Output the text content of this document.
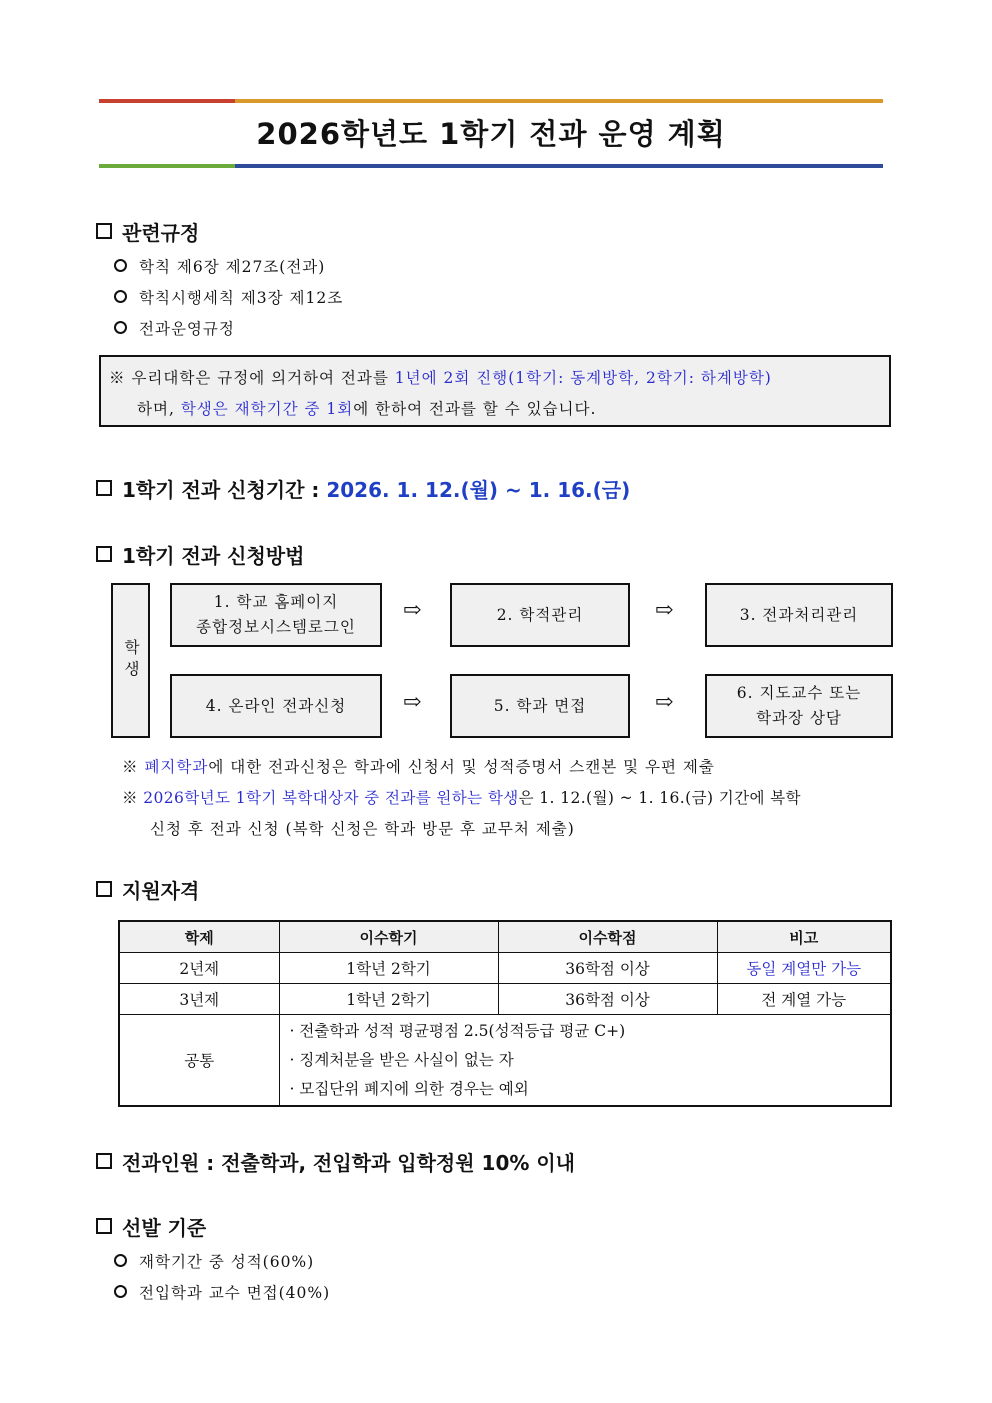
2026학년도 1학기 전과 운영 계획
관련규정
학칙 제6장 제27조(전과)
학칙시행세칙 제3장 제12조
전과운영규정
※ 우리대학은 규정에 의거하여 전과를 1년에 2회 진행(1학기: 동계방학, 2학기: 하계방학)
하며, 학생은 재학기간 중 1회에 한하여 전과를 할 수 있습니다.
1학기 전과 신청기간 : 2026. 1. 12.(월) ~ 1. 16.(금)
1학기 전과 신청방법
학생
1. 학교 홈페이지
종합정보시스템로그인
⇨	2. 학적관리	⇨	3. 전과처리관리
4. 온라인 전과신청	⇨	5. 학과 면접	⇨	6. 지도교수 또는
학과장 상담
※ 폐지학과에 대한 전과신청은 학과에 신청서 및 성적증명서 스캔본 및 우편 제출
※ 2026학년도 1학기 복학대상자 중 전과를 원하는 학생은 1. 12.(월) ~ 1. 16.(금) 기간에 복학
신청 후 전과 신청 (복학 신청은 학과 방문 후 교무처 제출)
지원자격
학제	이수학기	이수학점	비고
2년제	1학년 2학기	36학점 이상	동일 계열만 가능
3년제	1학년 2학기	36학점 이상	전 계열 가능
공통	· 전출학과 성적 평균평점 2.5(성적등급 평균 C+)
· 징계처분을 받은 사실이 없는 자
· 모집단위 폐지에 의한 경우는 예외		
전과인원 : 전출학과, 전입학과 입학정원 10% 이내
선발 기준
재학기간 중 성적(60%)
전입학과 교수 면접(40%)
